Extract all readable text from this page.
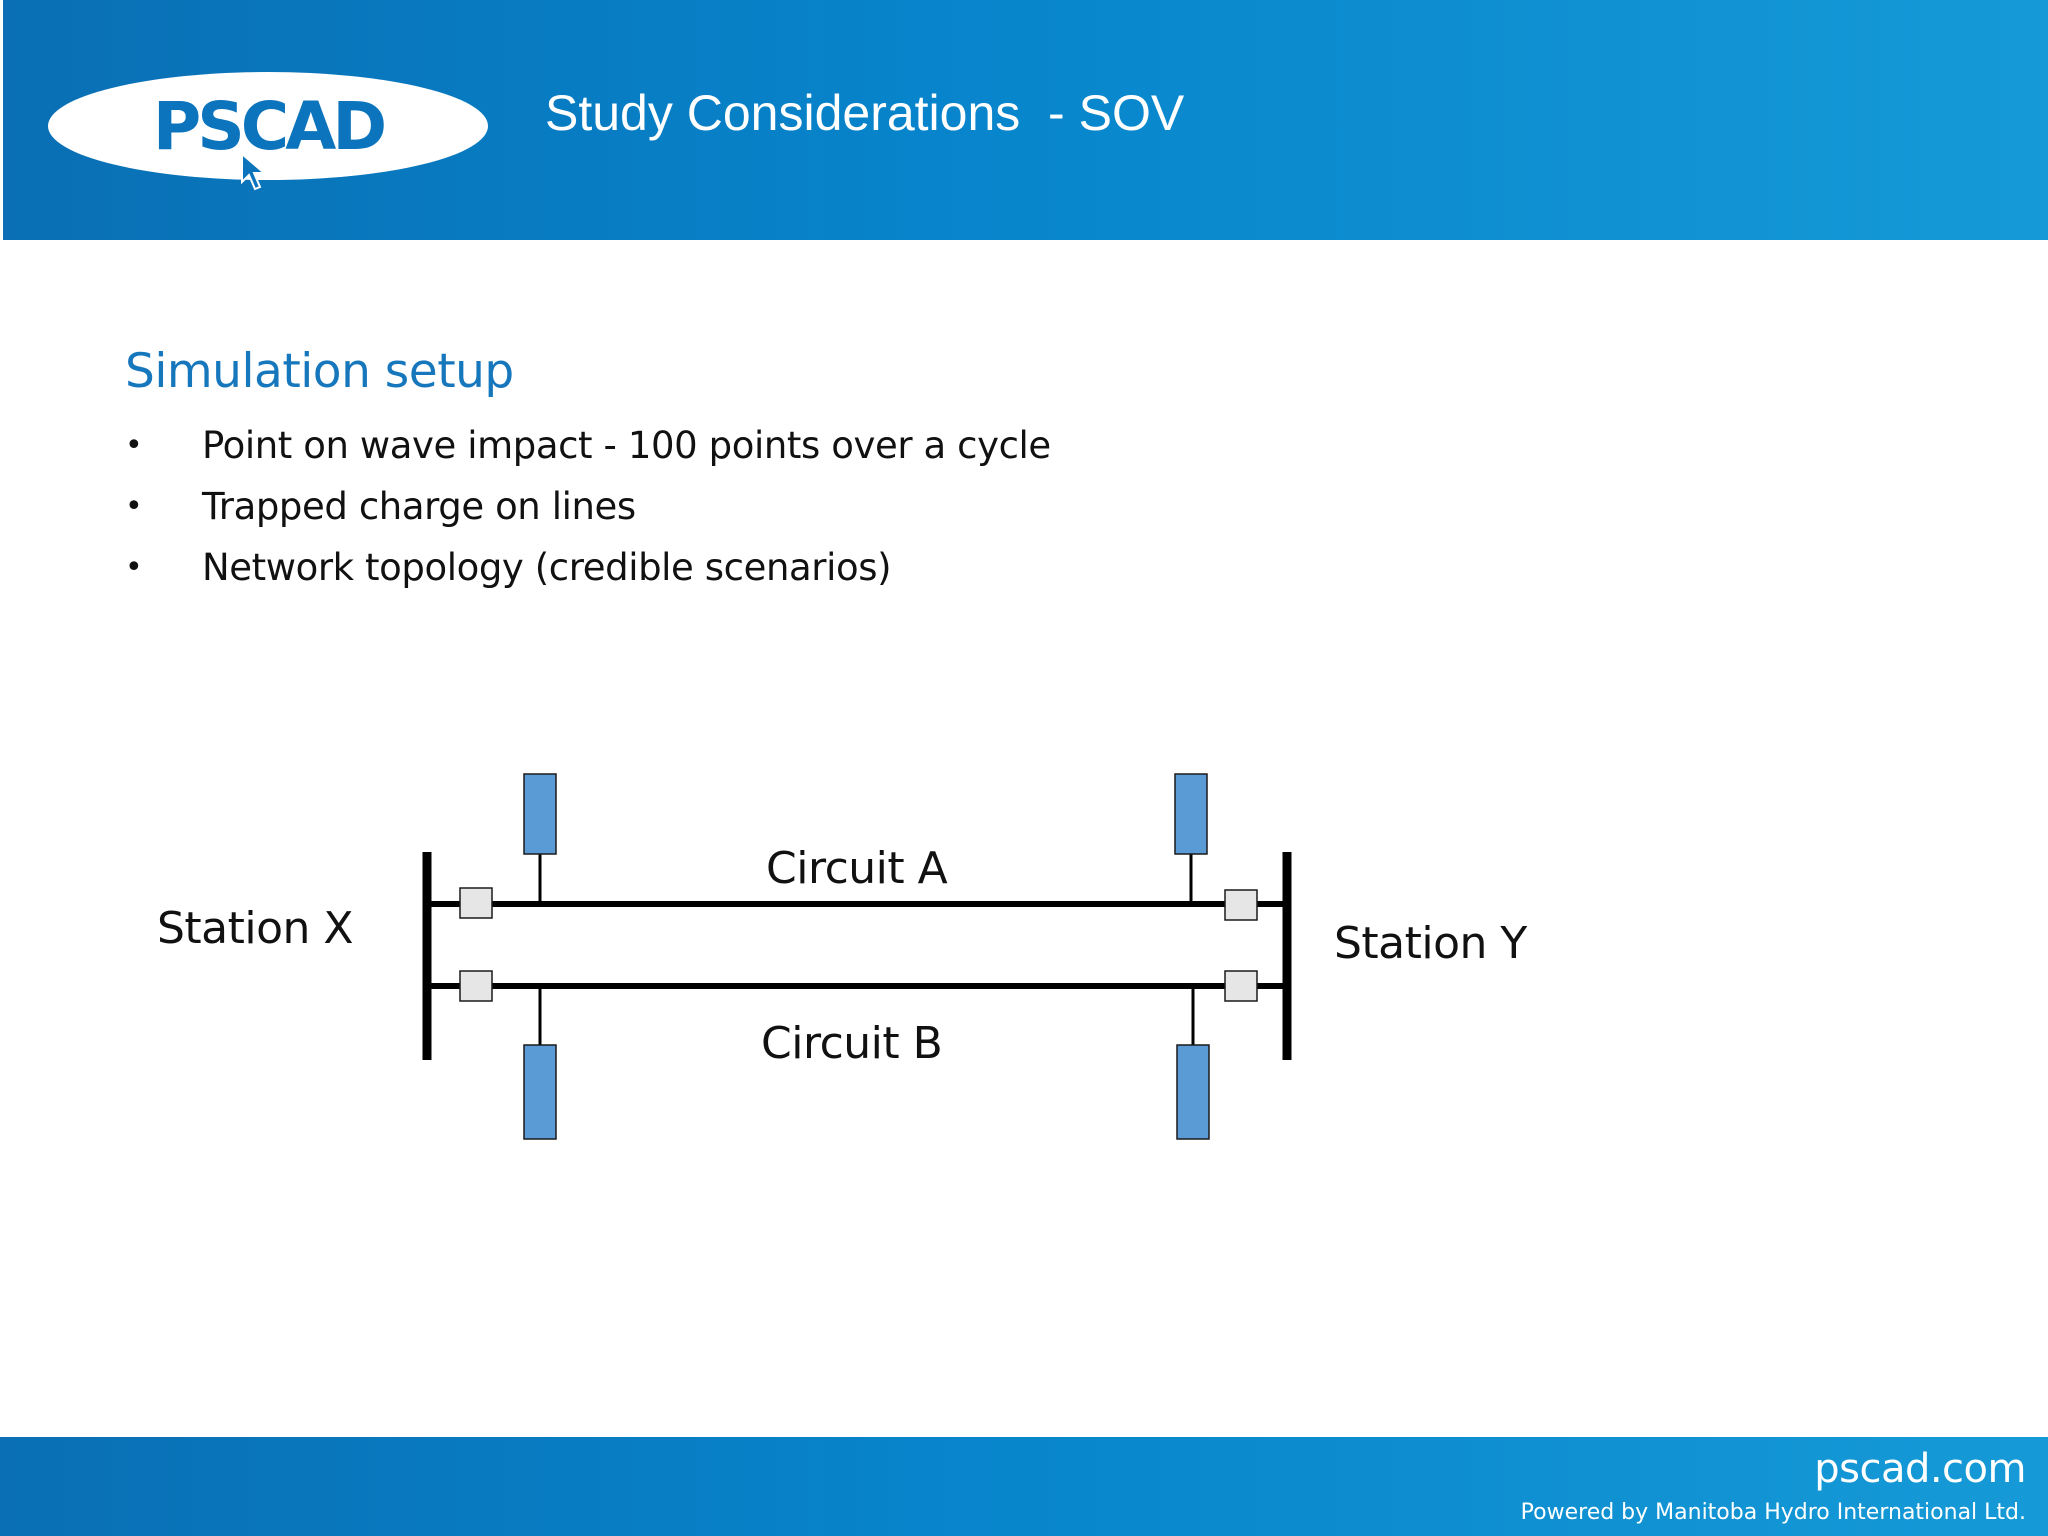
PSCAD	Study Considerations  - SOV
Simulation setup
•	Point on wave impact - 100 points over a cycle
•	Trapped charge on lines
•	Network topology (credible scenarios)
Station X	Station Y
Circuit A
Circuit B
pscad.com
Powered by Manitoba Hydro International Ltd.
